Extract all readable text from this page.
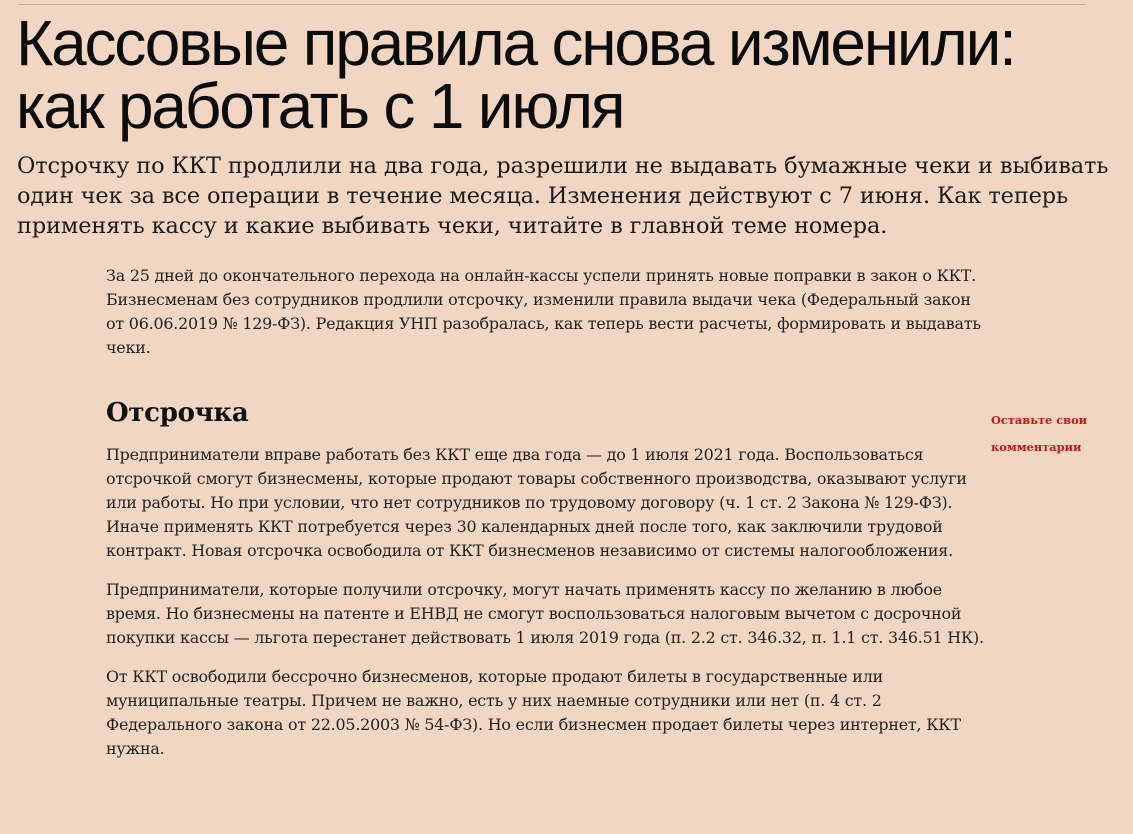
Кассовые правила снова изменили: как работать с 1 июля

Отсрочку по ККТ продлили на два года, разрешили не выдавать бумажные чеки и выбивать один чек за все операции в течение месяца. Изменения действуют с 7 июня. Как теперь применять кассу и какие выбивать чеки, читайте в главной теме номера.

За 25 дней до окончательного перехода на онлайн-кассы успели принять новые поправки в закон о ККТ. Бизнесменам без сотрудников продлили отсрочку, изменили правила выдачи чека (Федеральный закон от 06.06.2019 № 129-ФЗ). Редакция УНП разобралась, как теперь вести расчеты, формировать и выдавать чеки.

Отсрочка

Предприниматели вправе работать без ККТ еще два года — до 1 июля 2021 года. Воспользоваться отсрочкой смогут бизнесмены, которые продают товары собственного производства, оказывают услуги или работы. Но при условии, что нет сотрудников по трудовому договору (ч. 1 ст. 2 Закона № 129-ФЗ). Иначе применять ККТ потребуется через 30 календарных дней после того, как заключили трудовой контракт. Новая отсрочка освободила от ККТ бизнесменов независимо от системы налогообложения.

Предприниматели, которые получили отсрочку, могут начать применять кассу по желанию в любое время. Но бизнесмены на патенте и ЕНВД не смогут воспользоваться налоговым вычетом с досрочной покупки кассы — льгота перестанет действовать 1 июля 2019 года (п. 2.2 ст. 346.32, п. 1.1 ст. 346.51 НК).

От ККТ освободили бессрочно бизнесменов, которые продают билеты в государственные или муниципальные театры. Причем не важно, есть у них наемные сотрудники или нет (п. 4 ст. 2 Федерального закона от 22.05.2003 № 54-ФЗ). Но если бизнесмен продает билеты через интернет, ККТ нужна.

Оставьте свои комментарии
